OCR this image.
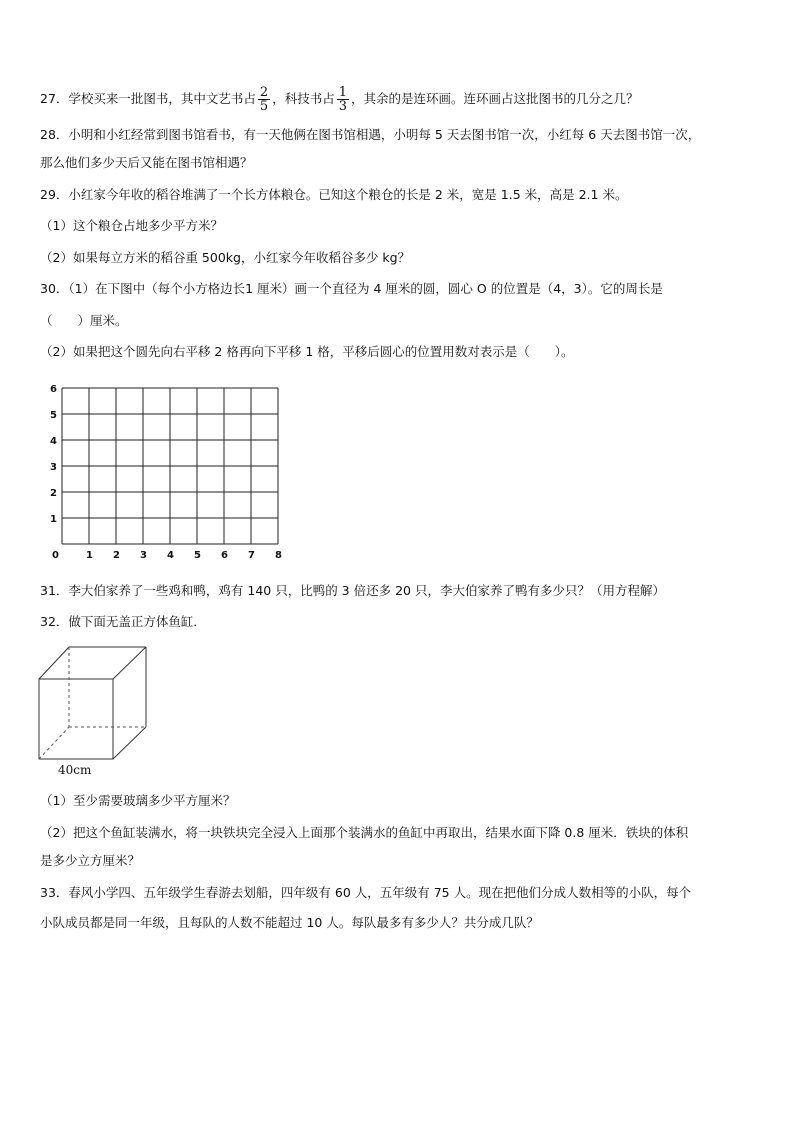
27．学校买来一批图书，其中文艺书占 $\frac{2}{5}$ ，科技书占 $\frac{1}{3}$ ，其余的是连环画。连环画占这批图书的几分之几？
28．小明和小红经常到图书馆看书，有一天他俩在图书馆相遇，小明每 5 天去图书馆一次，小红每 6 天去图书馆一次，
那么他们多少天后又能在图书馆相遇？
29．小红家今年收的稻谷堆满了一个长方体粮仓。已知这个粮仓的长是 2 米，宽是 1.5 米，高是 2.1 米。
（1）这个粮仓占地多少平方米？
（2）如果每立方米的稻谷重 500kg，小红家今年收稻谷多少 kg？
30．（1）在下图中（每个小方格边长1 厘米）画一个直径为 4 厘米的圆，圆心 O 的位置是（4，3）。它的周长是
（　　）厘米。
（2）如果把这个圆先向右平移 2 格再向下平移 1 格，平移后圆心的位置用数对表示是（　　）。
0	1 2 3 4 5 6 7 8
1
2
3
4
5
6
31．李大伯家养了一些鸡和鸭，鸡有 140 只，比鸭的 3 倍还多 20 只，李大伯家养了鸭有多少只？（用方程解）
32．做下面无盖正方体鱼缸．
40cm
（1）至少需要玻璃多少平方厘米？
（2）把这个鱼缸装满水，将一块铁块完全浸入上面那个装满水的鱼缸中再取出，结果水面下降 0.8 厘米．铁块的体积
是多少立方厘米？
33．春风小学四、五年级学生春游去划船，四年级有 60 人，五年级有 75 人。现在把他们分成人数相等的小队，每个
小队成员都是同一年级，且每队的人数不能超过 10 人。每队最多有多少人？共分成几队？
